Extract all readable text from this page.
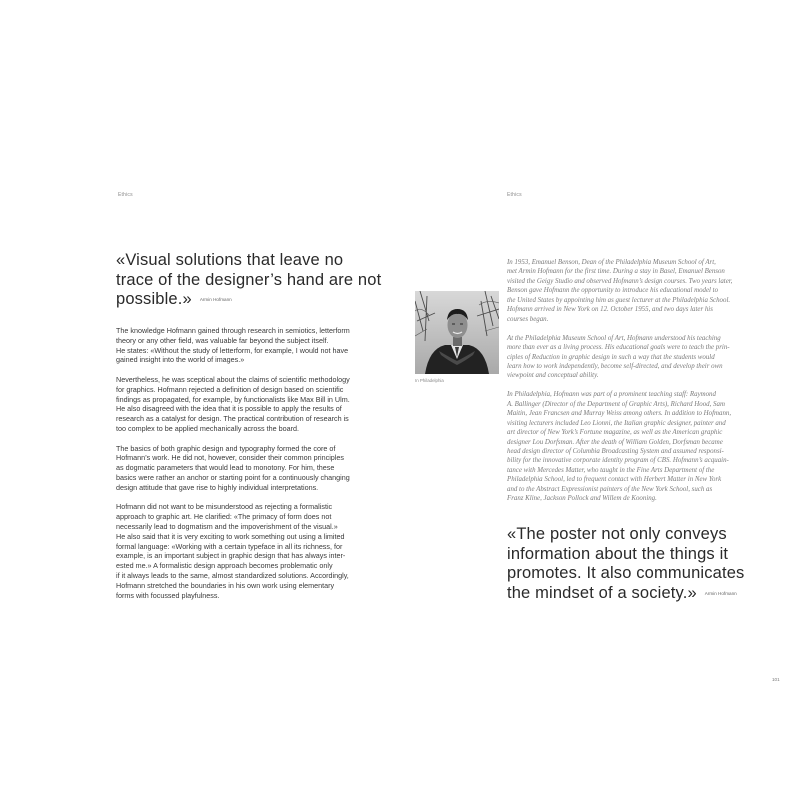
Ethics	Ethics
«Visual solutions that leave no
trace of the designer’s hand are not
possible.» Armin Hofmann

The knowledge Hofmann gained through research in semiotics, letterform
theory or any other field, was valuable far beyond the subject itself.
He states: «Without the study of letterform, for example, I would not have
gained insight into the world of images.»

Nevertheless, he was sceptical about the claims of scientific methodology
for graphics. Hofmann rejected a definition of design based on scientific
findings as propagated, for example, by functionalists like Max Bill in Ulm.
He also disagreed with the idea that it is possible to apply the results of
research as a catalyst for design. The practical contribution of research is
too complex to be applied mechanically across the board.

The basics of both graphic design and typography formed the core of
Hofmann’s work. He did not, however, consider their common principles
as dogmatic parameters that would lead to monotony. For him, these
basics were rather an anchor or starting point for a continuously changing
design attitude that gave rise to highly individual interpretations.

Hofmann did not want to be misunderstood as rejecting a formalistic
approach to graphic art. He clarified: «The primacy of form does not
necessarily lead to dogmatism and the impoverishment of the visual.»
He also said that it is very exciting to work something out using a limited
formal language: «Working with a certain typeface in all its richness, for
example, is an important subject in graphic design that has always inter-
ested me.» A formalistic design approach becomes problematic only
if it always leads to the same, almost standardized solutions. Accordingly,
Hofmann stretched the boundaries in his own work using elementary
forms with focussed playfulness.

In Philadelphia

In 1953, Emanuel Benson, Dean of the Philadelphia Museum School of Art,
met Armin Hofmann for the first time. During a stay in Basel, Emanuel Benson
visited the Geigy Studio and observed Hofmann’s design courses. Two years later,
Benson gave Hofmann the opportunity to introduce his educational model to
the United States by appointing him as guest lecturer at the Philadelphia School.
Hofmann arrived in New York on 12. October 1955, and two days later his
courses began.

At the Philadelphia Museum School of Art, Hofmann understood his teaching
more than ever as a living process. His educational goals were to teach the prin-
ciples of Reduction in graphic design in such a way that the students would
learn how to work independently, become self-directed, and develop their own
viewpoint and conceptual ability.

In Philadelphia, Hofmann was part of a prominent teaching staff: Raymond
A. Ballinger (Director of the Department of Graphic Arts), Richard Hood, Sam
Maitin, Jean Francsen and Murray Weiss among others. In addition to Hofmann,
visiting lecturers included Leo Lionni, the Italian graphic designer, painter and
art director of New York’s Fortune magazine, as well as the American graphic
designer Lou Dorfsman. After the death of William Golden, Dorfsman became
head design director of Columbia Broadcasting System and assumed responsi-
bility for the innovative corporate identity program of CBS. Hofmann’s acquain-
tance with Mercedes Matter, who taught in the Fine Arts Department of the
Philadelphia School, led to frequent contact with Herbert Matter in New York
and to the Abstract Expressionist painters of the New York School, such as
Franz Kline, Jackson Pollock and Willem de Kooning.

«The poster not only conveys
information about the things it
promotes. It also communicates
the mindset of a society.» Armin Hofmann
101
